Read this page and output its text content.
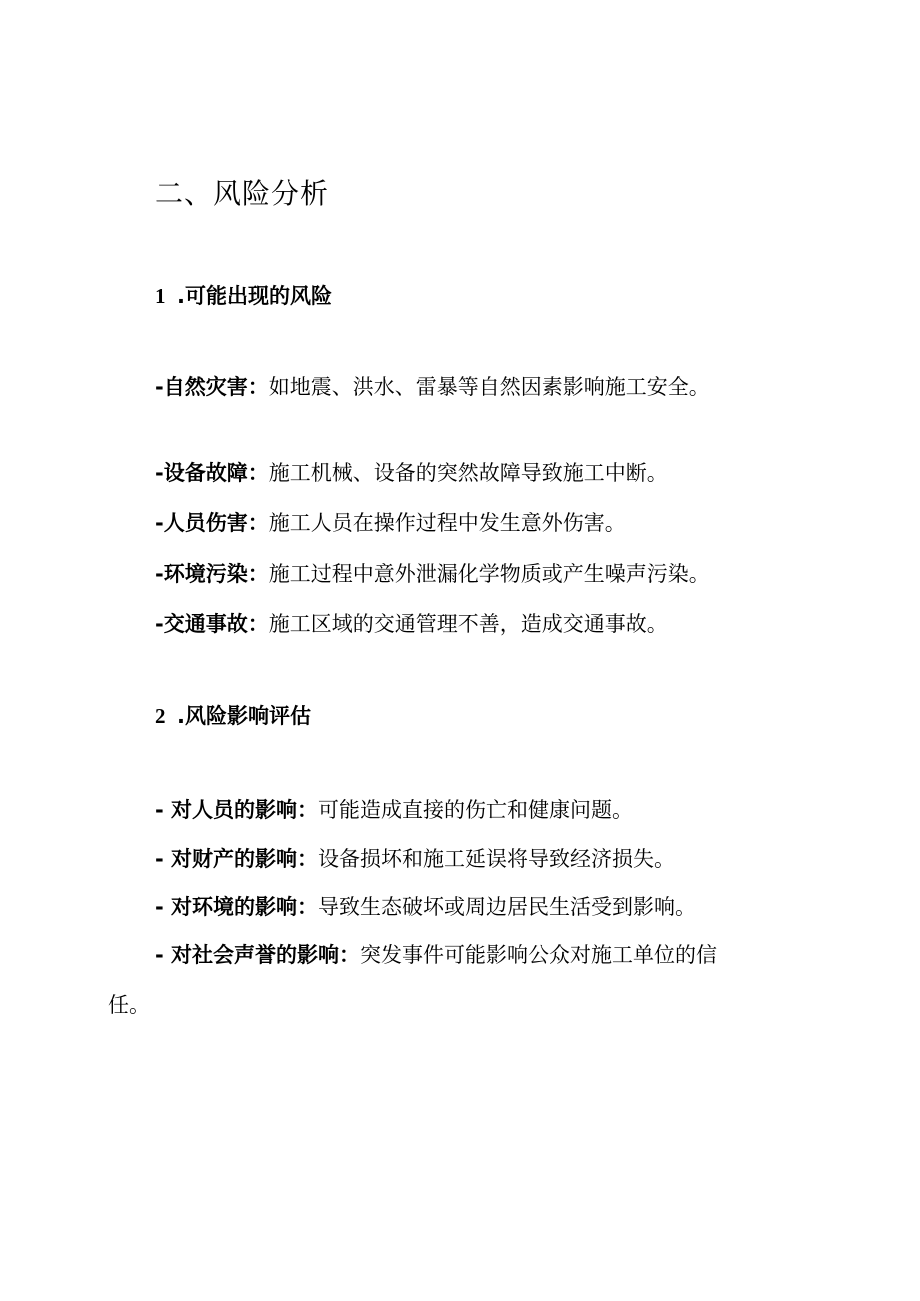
二、风险分析

1 .可能出现的风险

-自然灾害：如地震、洪水、雷暴等自然因素影响施工安全。

-设备故障：施工机械、设备的突然故障导致施工中断。

-人员伤害：施工人员在操作过程中发生意外伤害。

-环境污染：施工过程中意外泄漏化学物质或产生噪声污染。

-交通事故：施工区域的交通管理不善，造成交通事故。

2 .风险影响评估

- 对人员的影响：可能造成直接的伤亡和健康问题。

- 对财产的影响：设备损坏和施工延误将导致经济损失。

- 对环境的影响：导致生态破坏或周边居民生活受到影响。

- 对社会声誉的影响：突发事件可能影响公众对施工单位的信

任。
